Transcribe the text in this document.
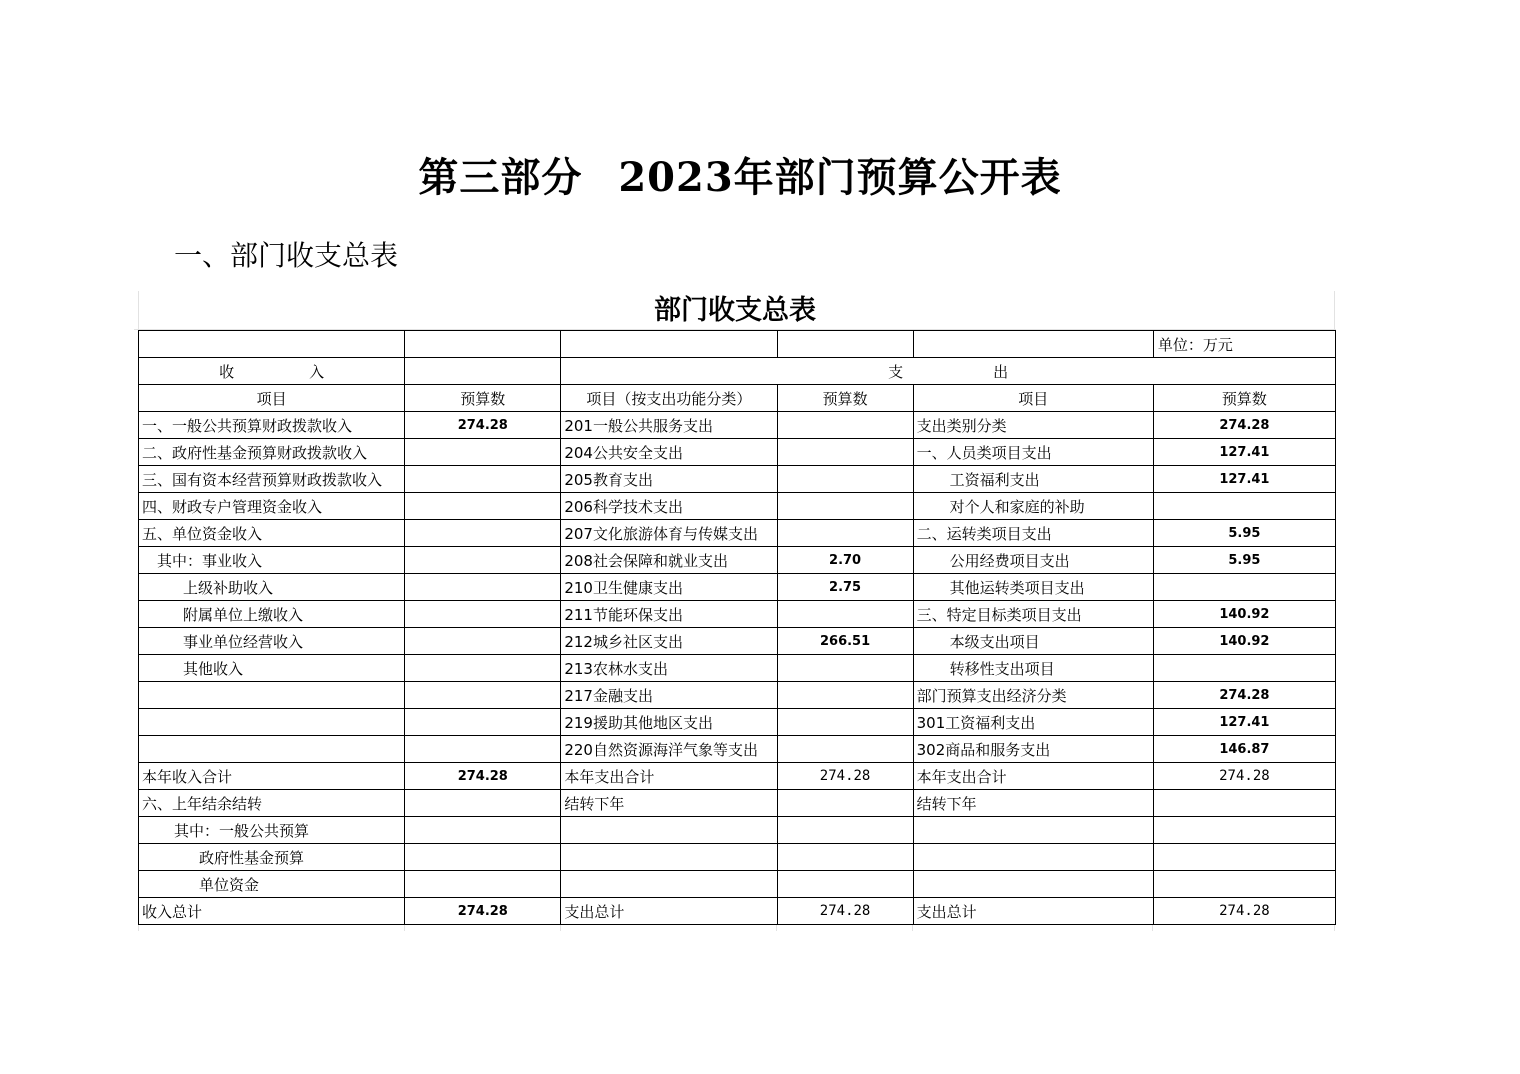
第三部分 2023年部门预算公开表
一、部门收支总表
部门收支总表
					单位：万元
收　　　　　入		支　　　　　　出			
项目	预算数	项目（按支出功能分类）	预算数	项目	预算数
一、一般公共预算财政拨款收入	274.28	201一般公共服务支出		支出类别分类	274.28
二、政府性基金预算财政拨款收入		204公共安全支出		一、人员类项目支出	127.41
三、国有资本经营预算财政拨款收入		205教育支出		工资福利支出	127.41
四、财政专户管理资金收入		206科学技术支出		对个人和家庭的补助	
五、单位资金收入		207文化旅游体育与传媒支出		二、运转类项目支出	5.95
其中：事业收入		208社会保障和就业支出	2.70	公用经费项目支出	5.95
上级补助收入		210卫生健康支出	2.75	其他运转类项目支出	
附属单位上缴收入		211节能环保支出		三、特定目标类项目支出	140.92
事业单位经营收入		212城乡社区支出	266.51	本级支出项目	140.92
其他收入		213农林水支出		转移性支出项目	
		217金融支出		部门预算支出经济分类	274.28
		219援助其他地区支出		301工资福利支出	127.41
		220自然资源海洋气象等支出		302商品和服务支出	146.87
本年收入合计	274.28	本年支出合计	274.28	本年支出合计	274.28
六、上年结余结转		结转下年		结转下年	
其中：一般公共预算					
政府性基金预算					
单位资金					
收入总计	274.28	支出总计	274.28	支出总计	274.28
